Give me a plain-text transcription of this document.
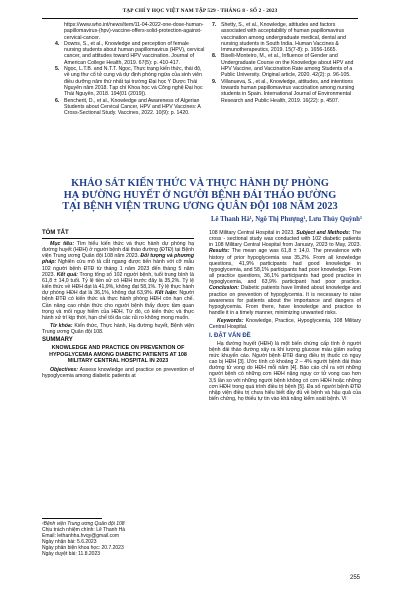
TẠP CHÍ Y HỌC VIỆT NAM TẬP 529 - THÁNG 8 - SỐ 2 - 2023
https://www.who.int/news/item/11-04-2022-one-dose-human-papillomavirus-(hpv)-vaccine-offers-solid-protection-against-cervical-cancer.
4. Downs, S., et al., Knowledge and perception of female nursing students about human papillomavirus (HPV), cervical cancer, and attitudes toward HPV vaccination. Journal of American College Health, 2019. 67(5): p. 410-417.
5. Ngọc, L.T.B. and N.T.T. Ngọc, Thực trạng kiến thức, thái độ, về ung thư cổ tử cung và dự định phòng ngừa của sinh viên điều dưỡng năm thứ nhất tại trường Đại học Y Dược Thái Nguyên năm 2018. Tạp chí Khoa học và Công nghệ Đại học Thái Nguyên, 2018. 194(01 (2019)).
6. Bencherit, D., et al., Knowledge and Awareness of Algerian Students about Cervical Cancer, HPV and HPV Vaccines: A Cross-Sectional Study. Vaccines, 2022. 10(9): p. 1420.
7. Shetty, S., et al., Knowledge, attitudes and factors associated with acceptability of human papillomavirus vaccination among undergraduate medical, dental and nursing students in South India. Human Vaccines & Immunotherapeutics, 2019. 15(7-8): p. 1656-1665.
8. Biselli-Monteiro, M., et al., Influence of Gender and Undergraduate Course on the Knowledge about HPV and HPV Vaccine, and Vaccination Rate among Students of a Public University. Original article, 2020. 42(2): p. 96-105.
9. Villanueva, S., et al., Knowledge, attitudes, and intentions towards human papillomavirus vaccination among nursing students in Spain. International Journal of Environmental Research and Public Health, 2019. 16(22): p. 4507.
KHẢO SÁT KIẾN THỨC VÀ THỰC HÀNH DỰ PHÒNG
HẠ ĐƯỜNG HUYẾT Ở NGƯỜI BỆNH ĐÁI THÁO ĐƯỜNG
TẠI BỆNH VIỆN TRUNG ƯƠNG QUÂN ĐỘI 108 NĂM 2023
Lê Thanh Hà¹, Ngô Thị Phượng¹, Lưu Thúy Quỳnh¹
TÓM TẮT

Mục tiêu: Tìm hiểu kiến thức và thực hành dự phòng hạ đường huyết (HĐH) ở người bệnh đái tháo đường (ĐTĐ) tại Bệnh viện Trung ương Quân đội 108 năm 2023. Đối tượng và phương pháp: Nghiên cứu mô tả cắt ngang được tiến hành với cỡ mẫu 102 người bệnh ĐTĐ từ tháng 1 năm 2023 đến tháng 5 năm 2023. Kết quả: Trong tổng số 102 người bệnh, tuổi trung bình là 61,8 ± 14,0 tuổi. Tỷ lệ tiền sử có HĐH trước đây là 35,2%. Tỷ lệ kiến thức về HĐH đạt là 41,9%, không đạt 58,1%. Tỷ lệ thực hành dự phòng HĐH đạt là 36,1%, không đạt 63,9%. Kết luận: Người bệnh ĐTĐ có kiến thức và thực hành phòng HĐH còn hạn chế. Cần nâng cao nhận thức cho người bệnh thấy được tầm quan trọng và mối nguy hiểm của HĐH. Từ đó, có kiến thức và thực hành xử trí kịp thời, hạn chế tối đa các rủi ro không mong muốn.

Từ khóa: Kiến thức, Thực hành, Hạ đường huyết, Bệnh viện Trung ương Quân đội 108.

SUMMARY
KNOWLEDGE AND PRACTICE ON PREVENTION OF HYPOGLYCEMIA AMONG DIABETIC PATIENTS AT 108 MILITARY CENTRAL HOSPITAL IN 2023

Objectives: Assess knowledge and practice on prevention of hypoglycemia among diabetic patients at

108 Military Central Hospital in 2023. Subject and Methods: The cross - sectional study was conducted with 102 diabetic patients in 108 Military Central Hospital from January, 2023 to May, 2023. Results: The mean age was 61,8 ± 14,0. The prevalence with history of prior hypoglycemia was 35,2%. From all knowledge questions, 41,9% participants had good knowledge in hypoglycemia, and 58,1% participants had poor knowledge. From all practice questions, 36,1% participants had good practice in hypoglycemia, and 63,9% participant had poor practice. Conclusion: Diabetic patients have limited about knowledge and practice on prevention of hypoglycemia. It is necessary to raise awareness for patients about the importance and dangers of hypoglycemia. From there, have knowledge and practice to handle it in a timely manner, minimizing unwanted risks.

Keywords: Knowledge, Practice, Hypoglycemia, 108 Military Central Hospital.

I. ĐẶT VẤN ĐỀ

Hạ đường huyết (HĐH) là một biến chứng cấp tính ở người bệnh đái tháo đường xảy ra khi lượng glucose máu giảm xuống mức khuyến cáo. Người bệnh ĐTĐ đang điều trị thuốc có nguy cao bị HĐH [3]. Ước tính có khoảng 2 – 4% người bệnh đái tháo đường tử vong do HĐH mỗi năm [4]. Báo cáo chỉ ra với những người bệnh có những cơn HĐH nặng nguy cơ tử vong cao hơn 3,5 lần so với những người bệnh không có cơn HĐH hoặc những cơn HĐH trong quá trình điều trị bệnh [5]. Đa số người bệnh ĐTĐ nhập viện điều trị chưa hiểu biết đầy đủ về bệnh và hậu quả của biến chứng, họ thiếu tự tin vào khả năng kiểm soát bệnh. Vì

¹Bệnh viện Trung ương Quân đội 108
Chịu trách nhiệm chính: Lê Thanh Hà
Email: lethanhha.hvqy@gmail.com
Ngày nhận bài: 5.6.2023
Ngày phản biện khoa học: 20.7.2023
Ngày duyệt bài: 11.8.2023
255
